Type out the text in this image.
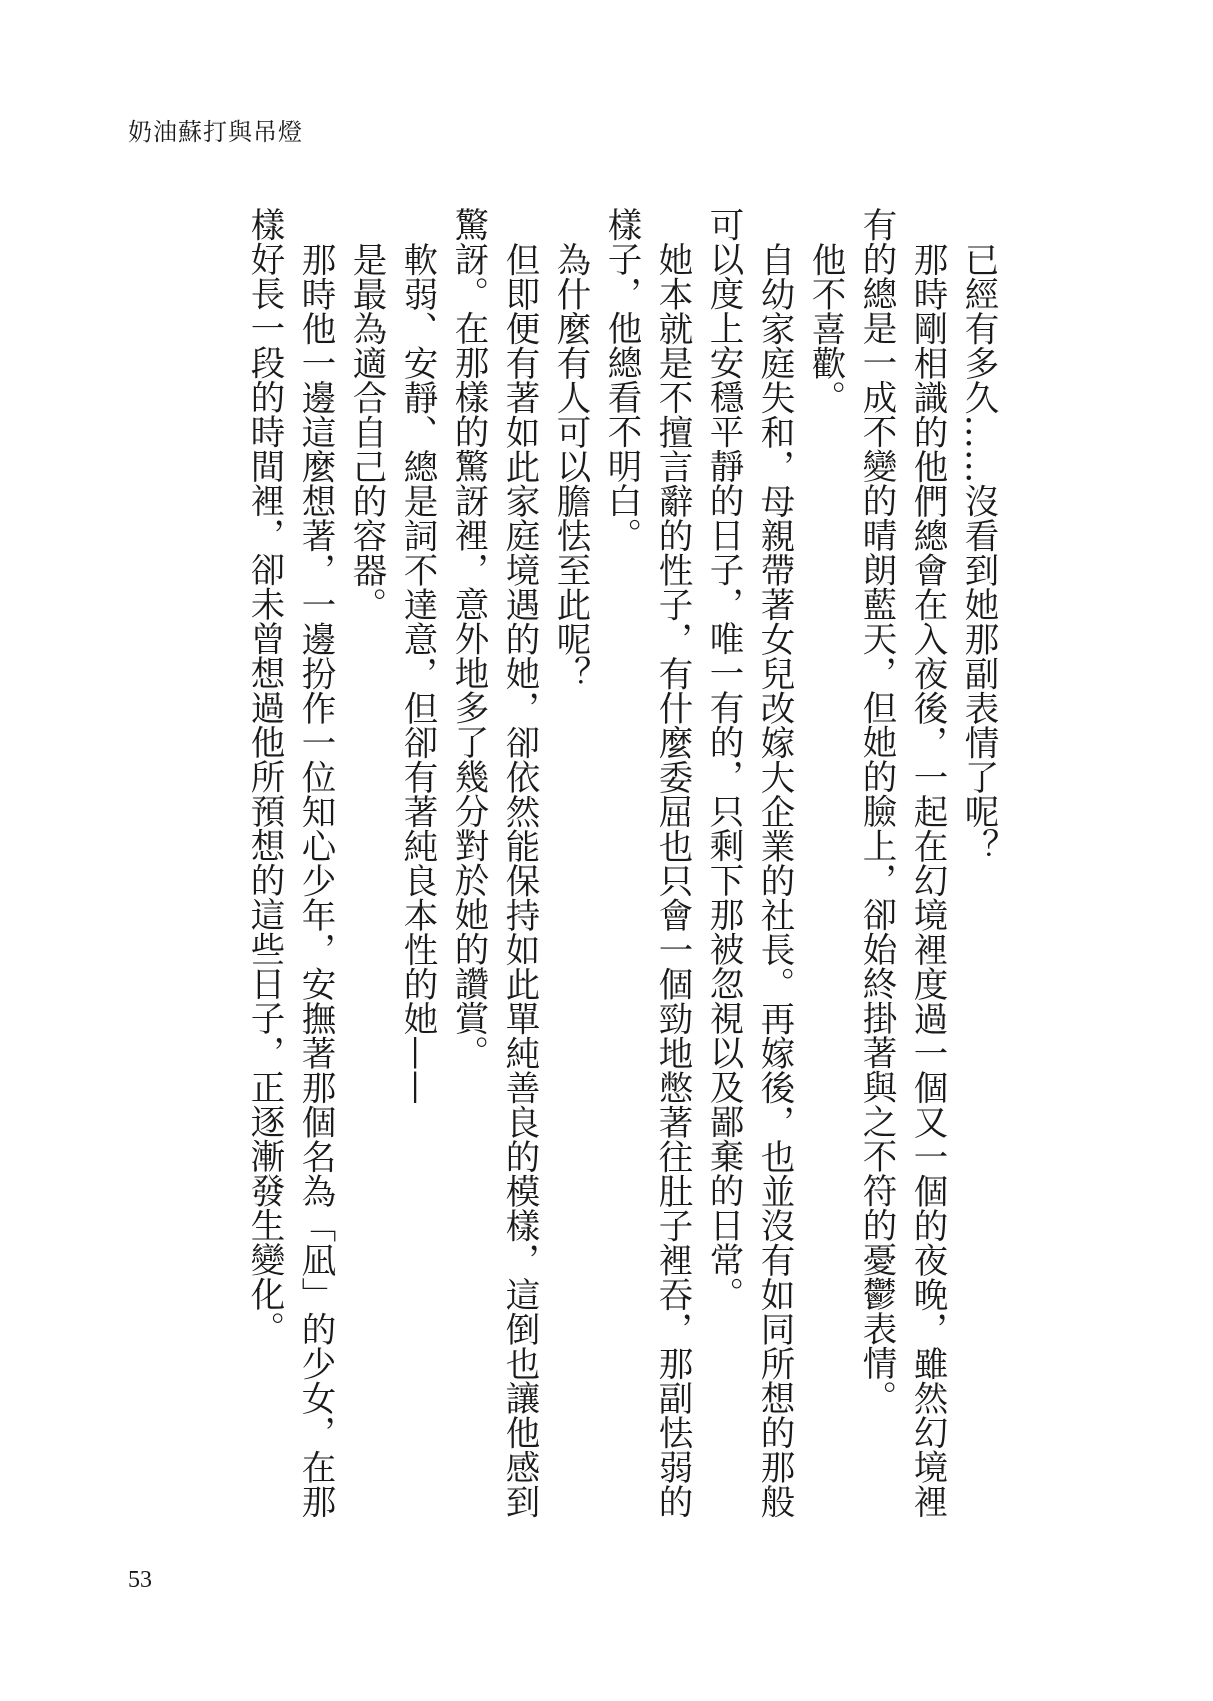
奶油蘇打與吊燈

已經有多久……沒看到她那副表情了呢？

那時剛相識的他們總會在入夜後，一起在幻境裡度過一個又一個的夜晚，雖然幻境裡有的總是一成不變的晴朗藍天，但她的臉上，卻始終掛著與之不符的憂鬱表情。

他不喜歡。

自幼家庭失和，母親帶著女兒改嫁大企業的社長。再嫁後，也並沒有如同所想的那般可以度上安穩平靜的日子，唯一有的，只剩下那被忽視以及鄙棄的日常。

她本就是不擅言辭的性子，有什麼委屈也只會一個勁地憋著往肚子裡吞，那副怯弱的樣子，他總看不明白。

為什麼有人可以膽怯至此呢？

但即便有著如此家庭境遇的她，卻依然能保持如此單純善良的模樣，這倒也讓他感到驚訝。在那樣的驚訝裡，意外地多了幾分對於她的讚賞。

軟弱、安靜、總是詞不達意，但卻有著純良本性的她——

是最為適合自己的容器。

那時他一邊這麼想著，一邊扮作一位知心少年，安撫著那個名為「凪」的少女，在那樣好長一段的時間裡，卻未曾想過他所預想的這些日子，正逐漸發生變化。

53
